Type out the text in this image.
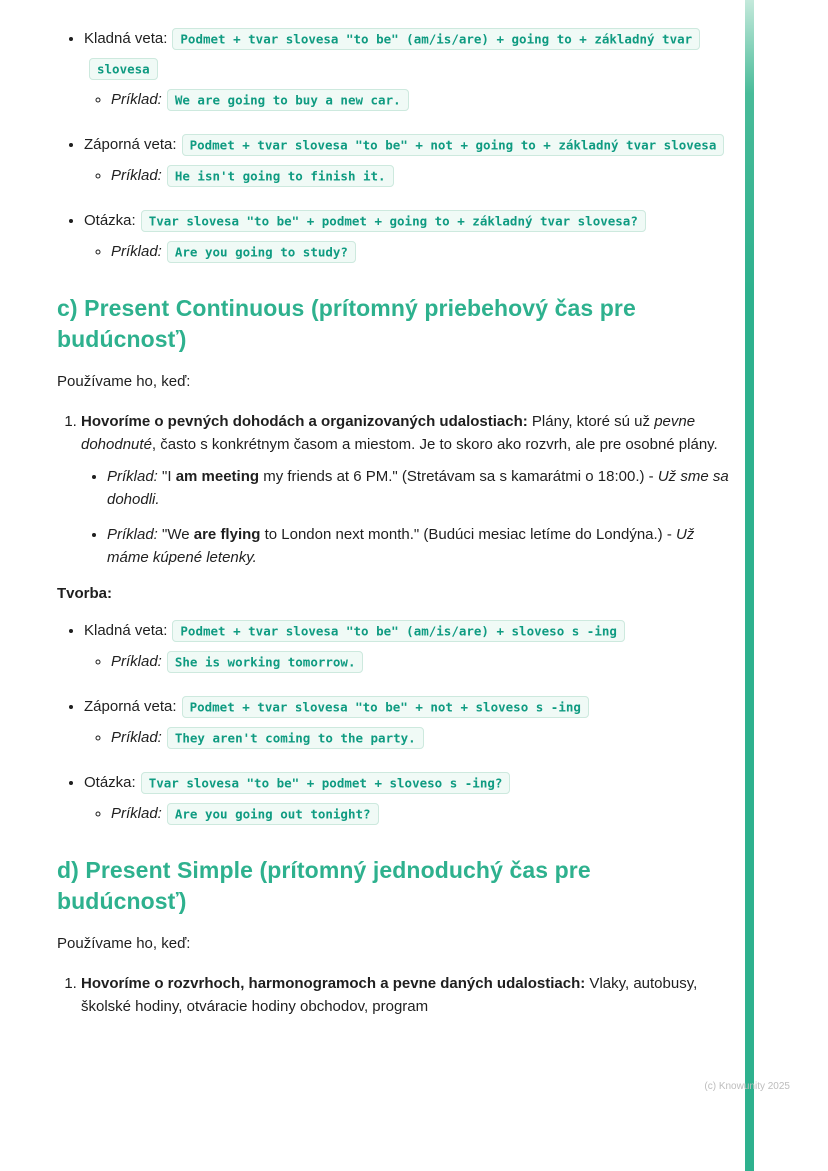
• Kladná veta: Podmet + tvar slovesa "to be" (am/is/are) + going to + základný tvar slovesa
◦ Príklad: We are going to buy a new car.
• Záporná veta: Podmet + tvar slovesa "to be" + not + going to + základný tvar slovesa
◦ Príklad: He isn't going to finish it.
• Otázka: Tvar slovesa "to be" + podmet + going to + základný tvar slovesa?
◦ Príklad: Are you going to study?
c) Present Continuous (prítomný priebehový čas pre budúcnosť)

Používame ho, keď:

1. Hovoríme o pevných dohodách a organizovaných udalostiach: Plány, ktoré sú už pevne dohodnuté, často s konkrétnym časom a miestom. Je to skoro ako rozvrh, ale pre osobné plány.
• Príklad: "I am meeting my friends at 6 PM." (Stretávam sa s kamarátmi o 18:00.) - Už sme sa dohodli.
• Príklad: "We are flying to London next month." (Budúci mesiac letíme do Londýna.) - Už máme kúpené letenky.

Tvorba:

• Kladná veta: Podmet + tvar slovesa "to be" (am/is/are) + sloveso s -ing
◦ Príklad: She is working tomorrow.
• Záporná veta: Podmet + tvar slovesa "to be" + not + sloveso s -ing
◦ Príklad: They aren't coming to the party.
• Otázka: Tvar slovesa "to be" + podmet + sloveso s -ing?
◦ Príklad: Are you going out tonight?
d) Present Simple (prítomný jednoduchý čas pre budúcnosť)

Používame ho, keď:

1. Hovoríme o rozvrhoch, harmonogramoch a pevne daných udalostiach: Vlaky, autobusy, školské hodiny, otváracie hodiny obchodov, program
(c) Knowunity 2025
